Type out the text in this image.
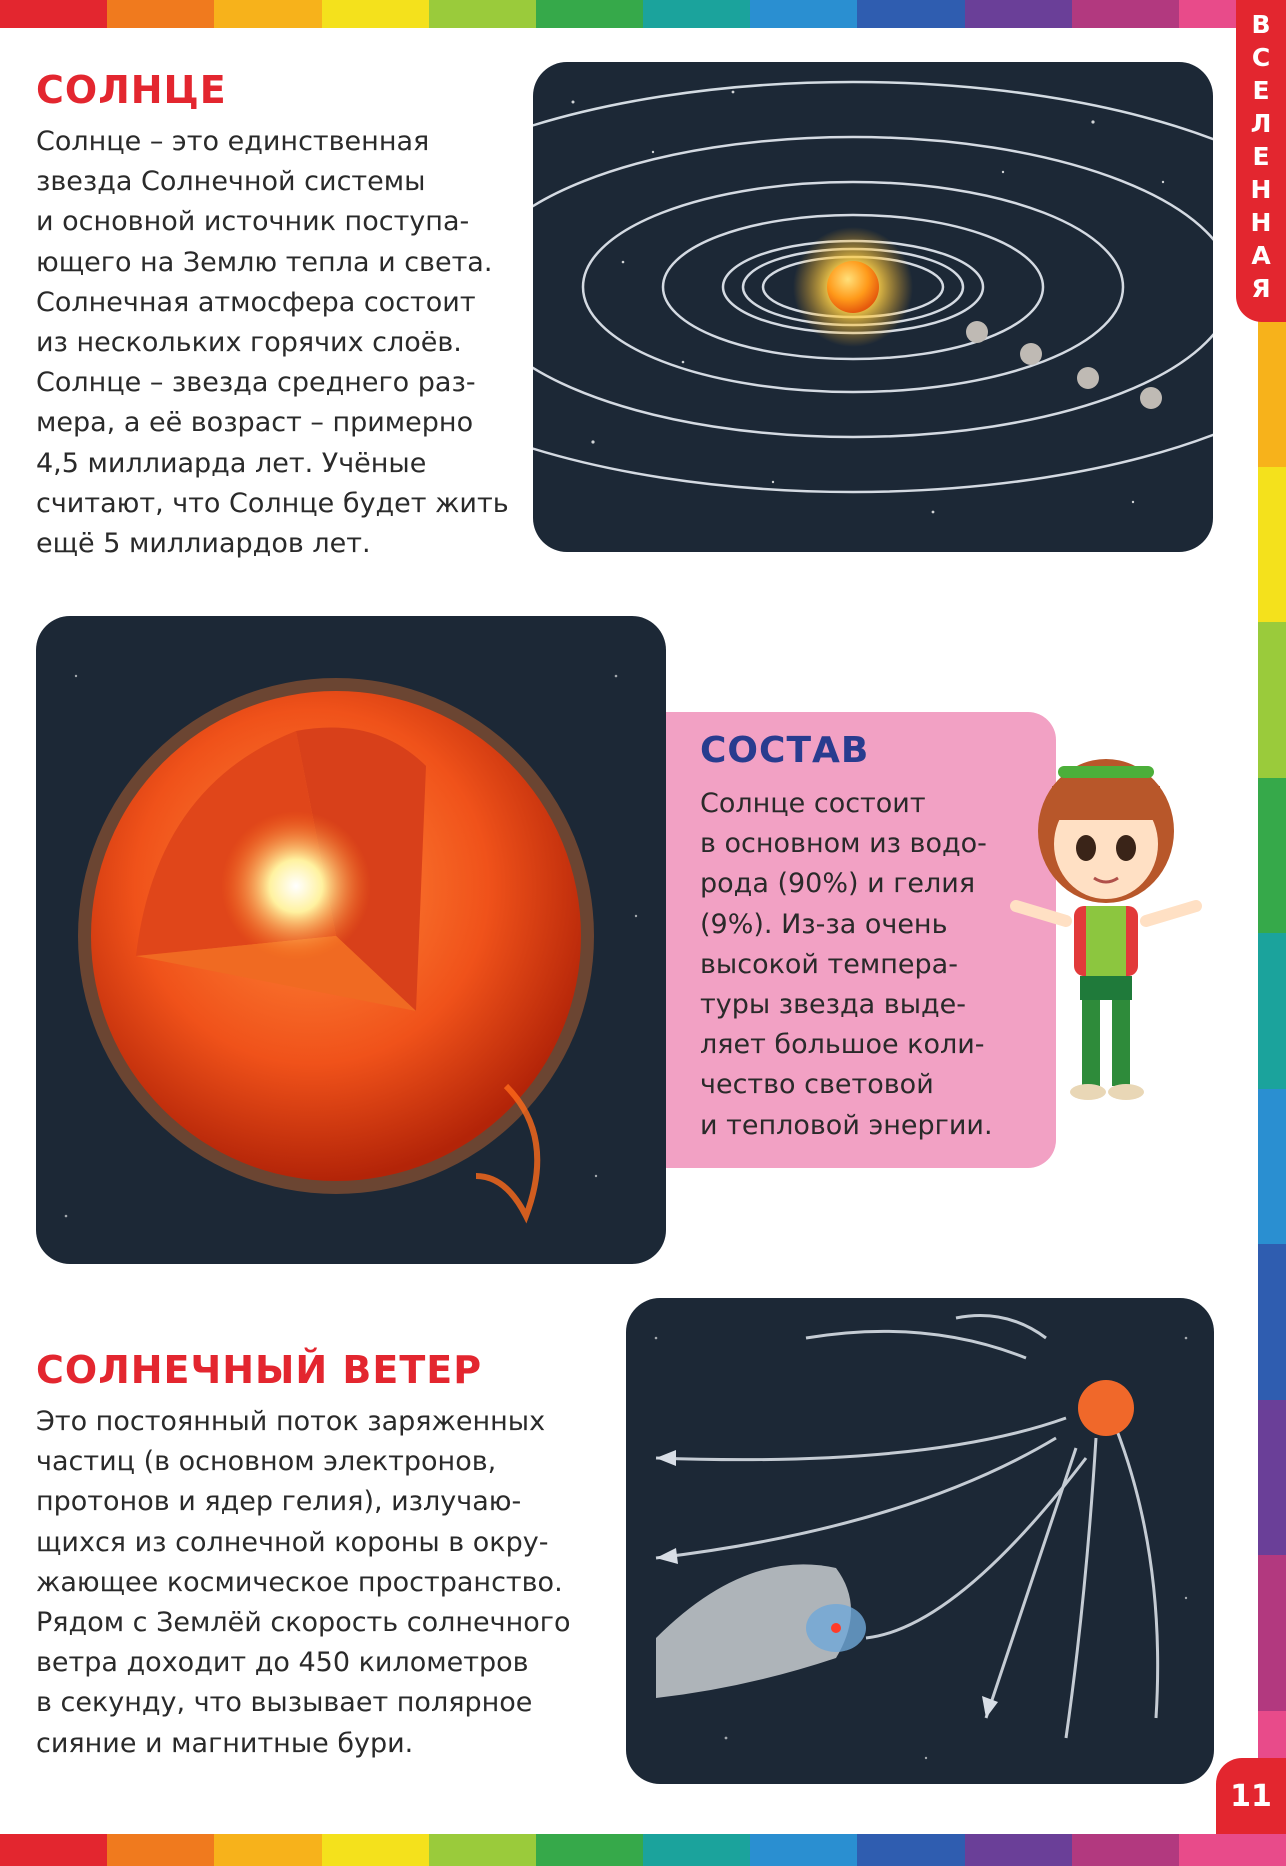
В
С
Е
Л
Е
Н
Н
А
Я
СОЛНЦЕ

Солнце – это единственная
звезда Солнечной системы
и основной источник поступа-
ющего на Землю тепла и света.
Солнечная атмосфера состоит
из нескольких горячих слоёв.
Солнце – звезда среднего раз-
мера, а её возраст – примерно
4,5 миллиарда лет. Учёные
считают, что Солнце будет жить
ещё 5 миллиардов лет.

СОСТАВ

Солнце состоит
в основном из водо-
рода (90%) и гелия
(9%). Из-за очень
высокой темпера-
туры звезда выде-
ляет большое коли-
чество световой
и тепловой энергии.

СОЛНЕЧНЫЙ ВЕТЕР

Это постоянный поток заряженных
частиц (в основном электронов,
протонов и ядер гелия), излучаю-
щихся из солнечной короны в окру-
жающее космическое пространство.
Рядом с Землёй скорость солнечного
ветра доходит до 450 километров
в секунду, что вызывает полярное
сияние и магнитные бури.

11
